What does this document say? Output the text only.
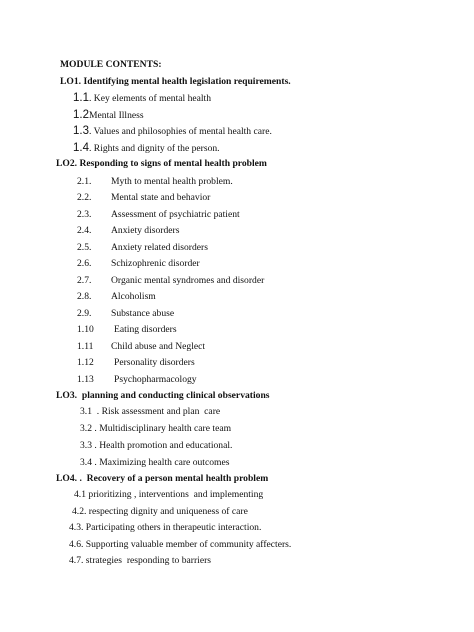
MODULE CONTENTS:
LO1. Identifying mental health legislation requirements.
1.1. Key elements of mental health
1.2Mental Illness
1.3. Values and philosophies of mental health care.
1.4. Rights and dignity of the person.
LO2. Responding to signs of mental health problem
2.1. Myth to mental health problem.
2.2. Mental state and behavior
2.3. Assessment of psychiatric patient
2.4. Anxiety disorders
2.5. Anxiety related disorders
2.6. Schizophrenic disorder
2.7. Organic mental syndromes and disorder
2.8. Alcoholism
2.9. Substance abuse
1.10 Eating disorders
1.11 Child abuse and Neglect
1.12 Personality disorders
1.13 Psychopharmacology
LO3.  planning and conducting clinical observations
3.1  . Risk assessment and plan  care
3.2 . Multidisciplinary health care team
3.3 . Health promotion and educational.
3.4 . Maximizing health care outcomes
LO4. .  Recovery of a person mental health problem
4.1 prioritizing , interventions  and implementing
4.2. respecting dignity and uniqueness of care
4.3. Participating others in therapeutic interaction.
4.6. Supporting valuable member of community affecters.
4.7. strategies  responding to barriers
